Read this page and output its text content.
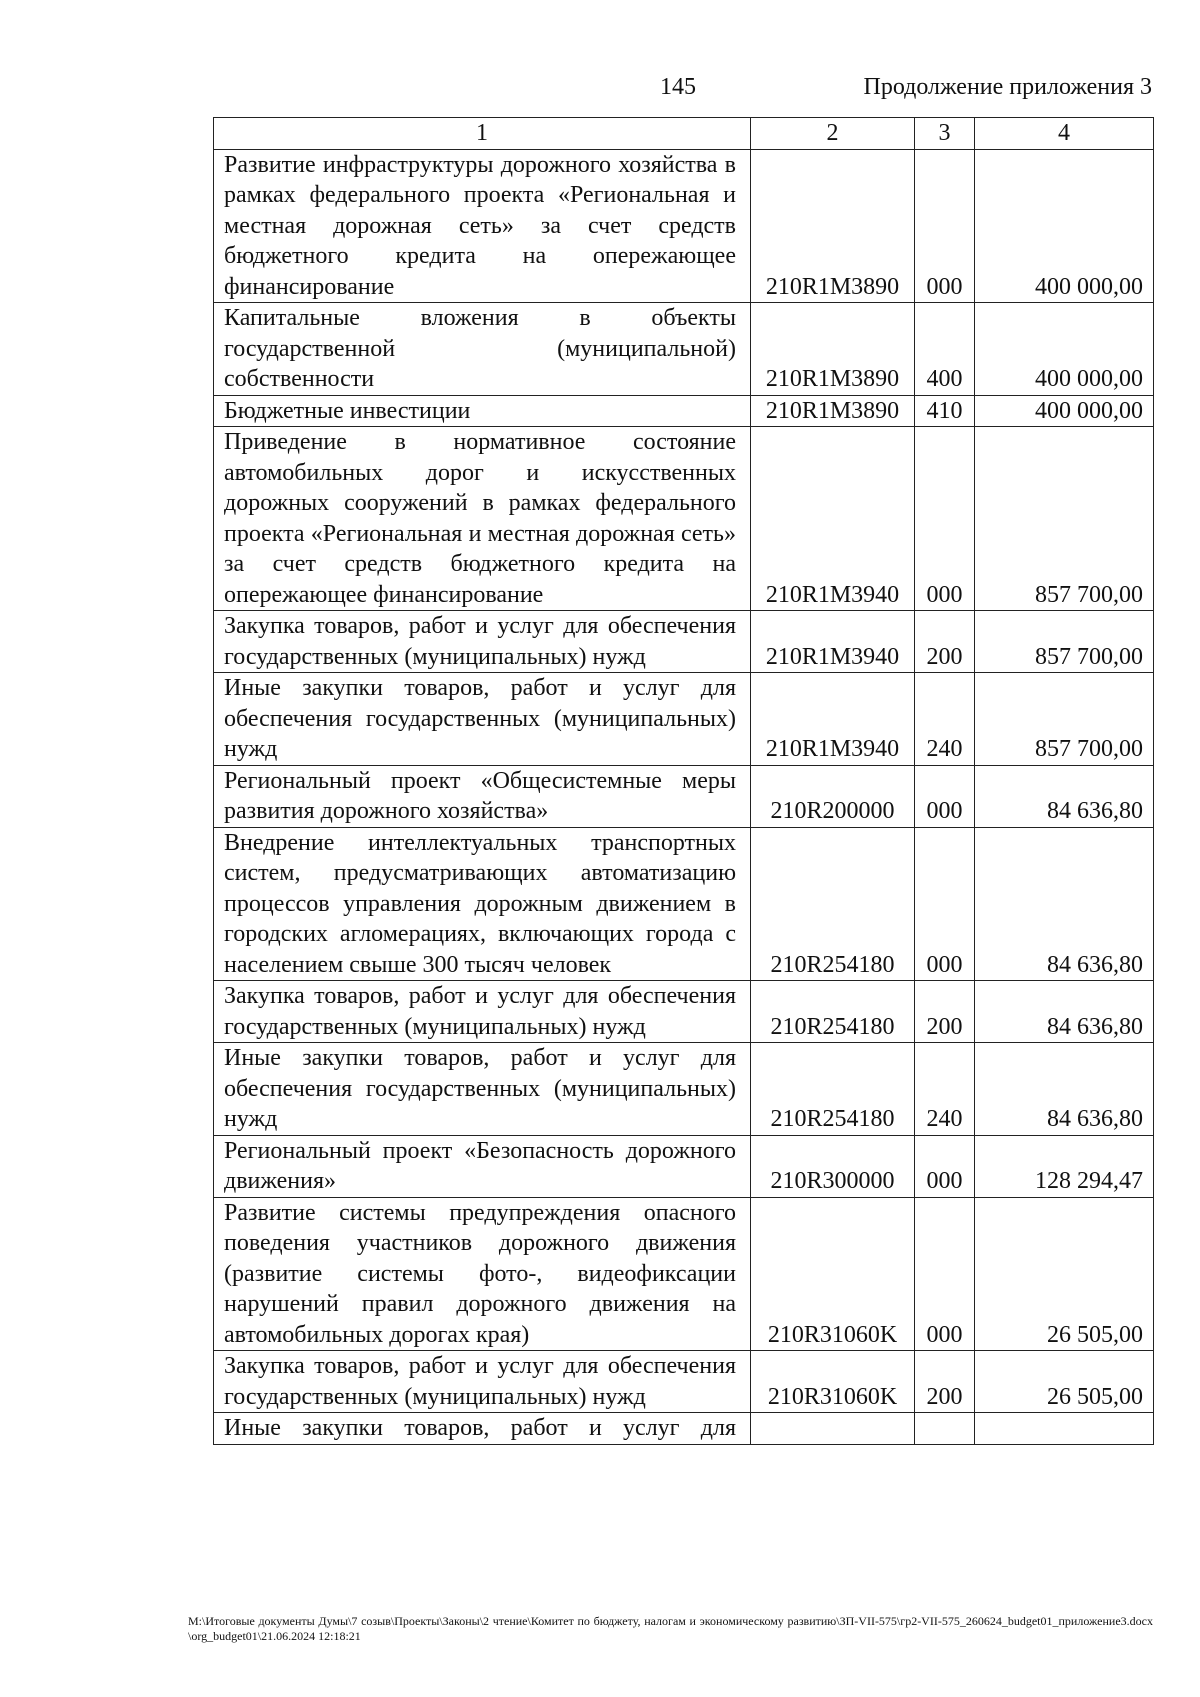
145	Продолжение приложения 3
1	2	3	4
Развитие инфраструктуры дорожного хозяйства в рамках федерального проекта «Региональная и местная дорожная сеть» за счет средств бюджетного кредита на опережающее финансирование	210R1M3890	000	400 000,00
Капитальные вложения в объекты государственной (муниципальной) собственности	210R1M3890	400	400 000,00
Бюджетные инвестиции	210R1M3890	410	400 000,00
Приведение в нормативное состояние автомобильных дорог и искусственных дорожных сооружений в рамках федерального проекта «Региональная и местная дорожная сеть» за счет средств бюджетного кредита на опережающее финансирование	210R1M3940	000	857 700,00
Закупка товаров, работ и услуг для обеспечения государственных (муниципальных) нужд	210R1M3940	200	857 700,00
Иные закупки товаров, работ и услуг для обеспечения государственных (муниципальных) нужд	210R1M3940	240	857 700,00
Региональный проект «Общесистемные меры развития дорожного хозяйства»	210R200000	000	84 636,80
Внедрение интеллектуальных транспортных систем, предусматривающих автоматизацию процессов управления дорожным движением в городских агломерациях, включающих города с населением свыше 300 тысяч человек	210R254180	000	84 636,80
Закупка товаров, работ и услуг для обеспечения государственных (муниципальных) нужд	210R254180	200	84 636,80
Иные закупки товаров, работ и услуг для обеспечения государственных (муниципальных) нужд	210R254180	240	84 636,80
Региональный проект «Безопасность дорожного движения»	210R300000	000	128 294,47
Развитие системы предупреждения опасного поведения участников дорожного движения (развитие системы фото-, видеофиксации нарушений правил дорожного движения на автомобильных дорогах края)	210R31060K	000	26 505,00
Закупка товаров, работ и услуг для обеспечения государственных (муниципальных) нужд	210R31060K	200	26 505,00
Иные закупки товаров, работ и услуг для			
M:\Итоговые документы Думы\7 созыв\Проекты\Законы\2 чтение\Комитет по бюджету, налогам и экономическому развитию\ЗП-VII-575\гр2-VII-575_260624_budget01_приложение3.docx\org_budget01\21.06.2024 12:18:21
